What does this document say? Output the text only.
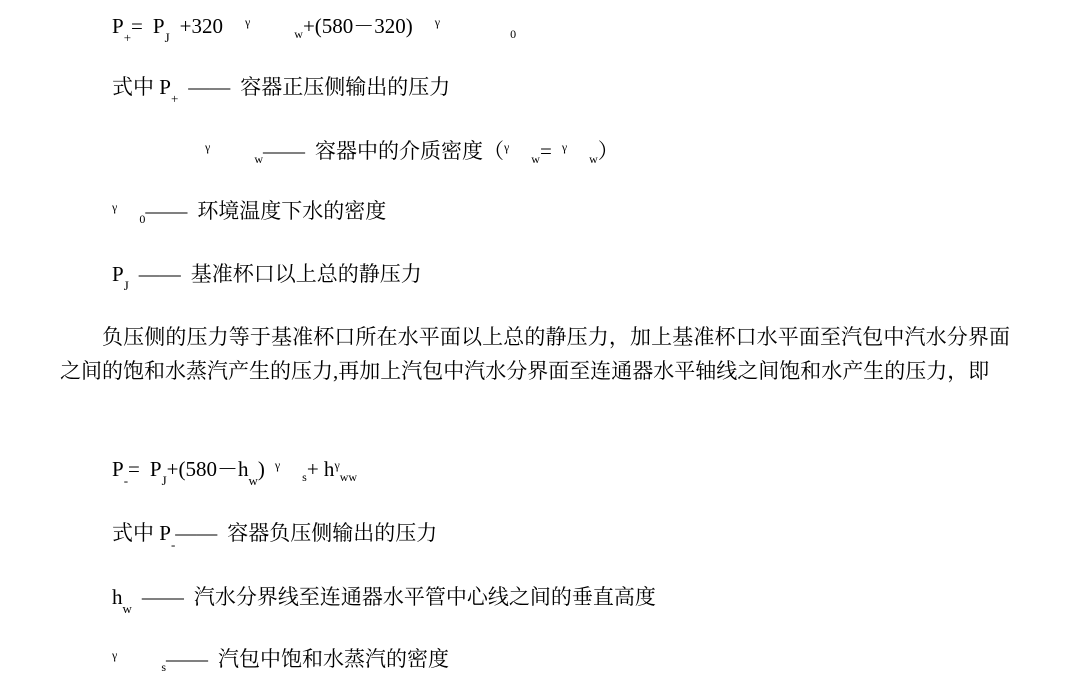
$P_+= P_J +320$ $^\gamma_w$+(580－320) $^\gamma_0$
式中 $P_+$ —— 容器正压侧输出的压力
$^\gamma_w$—— 容器中的介质密度（$^\gamma_w$= $^\gamma_w$）
$^\gamma_0$—— 环境温度下水的密度
$P_J$ —— 基准杯口以上总的静压力
负压侧的压力等于基准杯口所在水平面以上总的静压力，加上基准杯口水平面至汽包中汽水分界面之间的饱和水蒸汽产生的压力,再加上汽包中汽水分界面至连通器水平轴线之间饱和水产生的压力，即
$P_-= P_J+(580-h_w)$ $^\gamma_s+ h^\gamma_{ww}$
式中 $P_-——$ 容器负压侧输出的压力
$h_w$ —— 汽水分界线至连通器水平管中心线之间的垂直高度
$^\gamma_s$—— 汽包中饱和水蒸汽的密度
